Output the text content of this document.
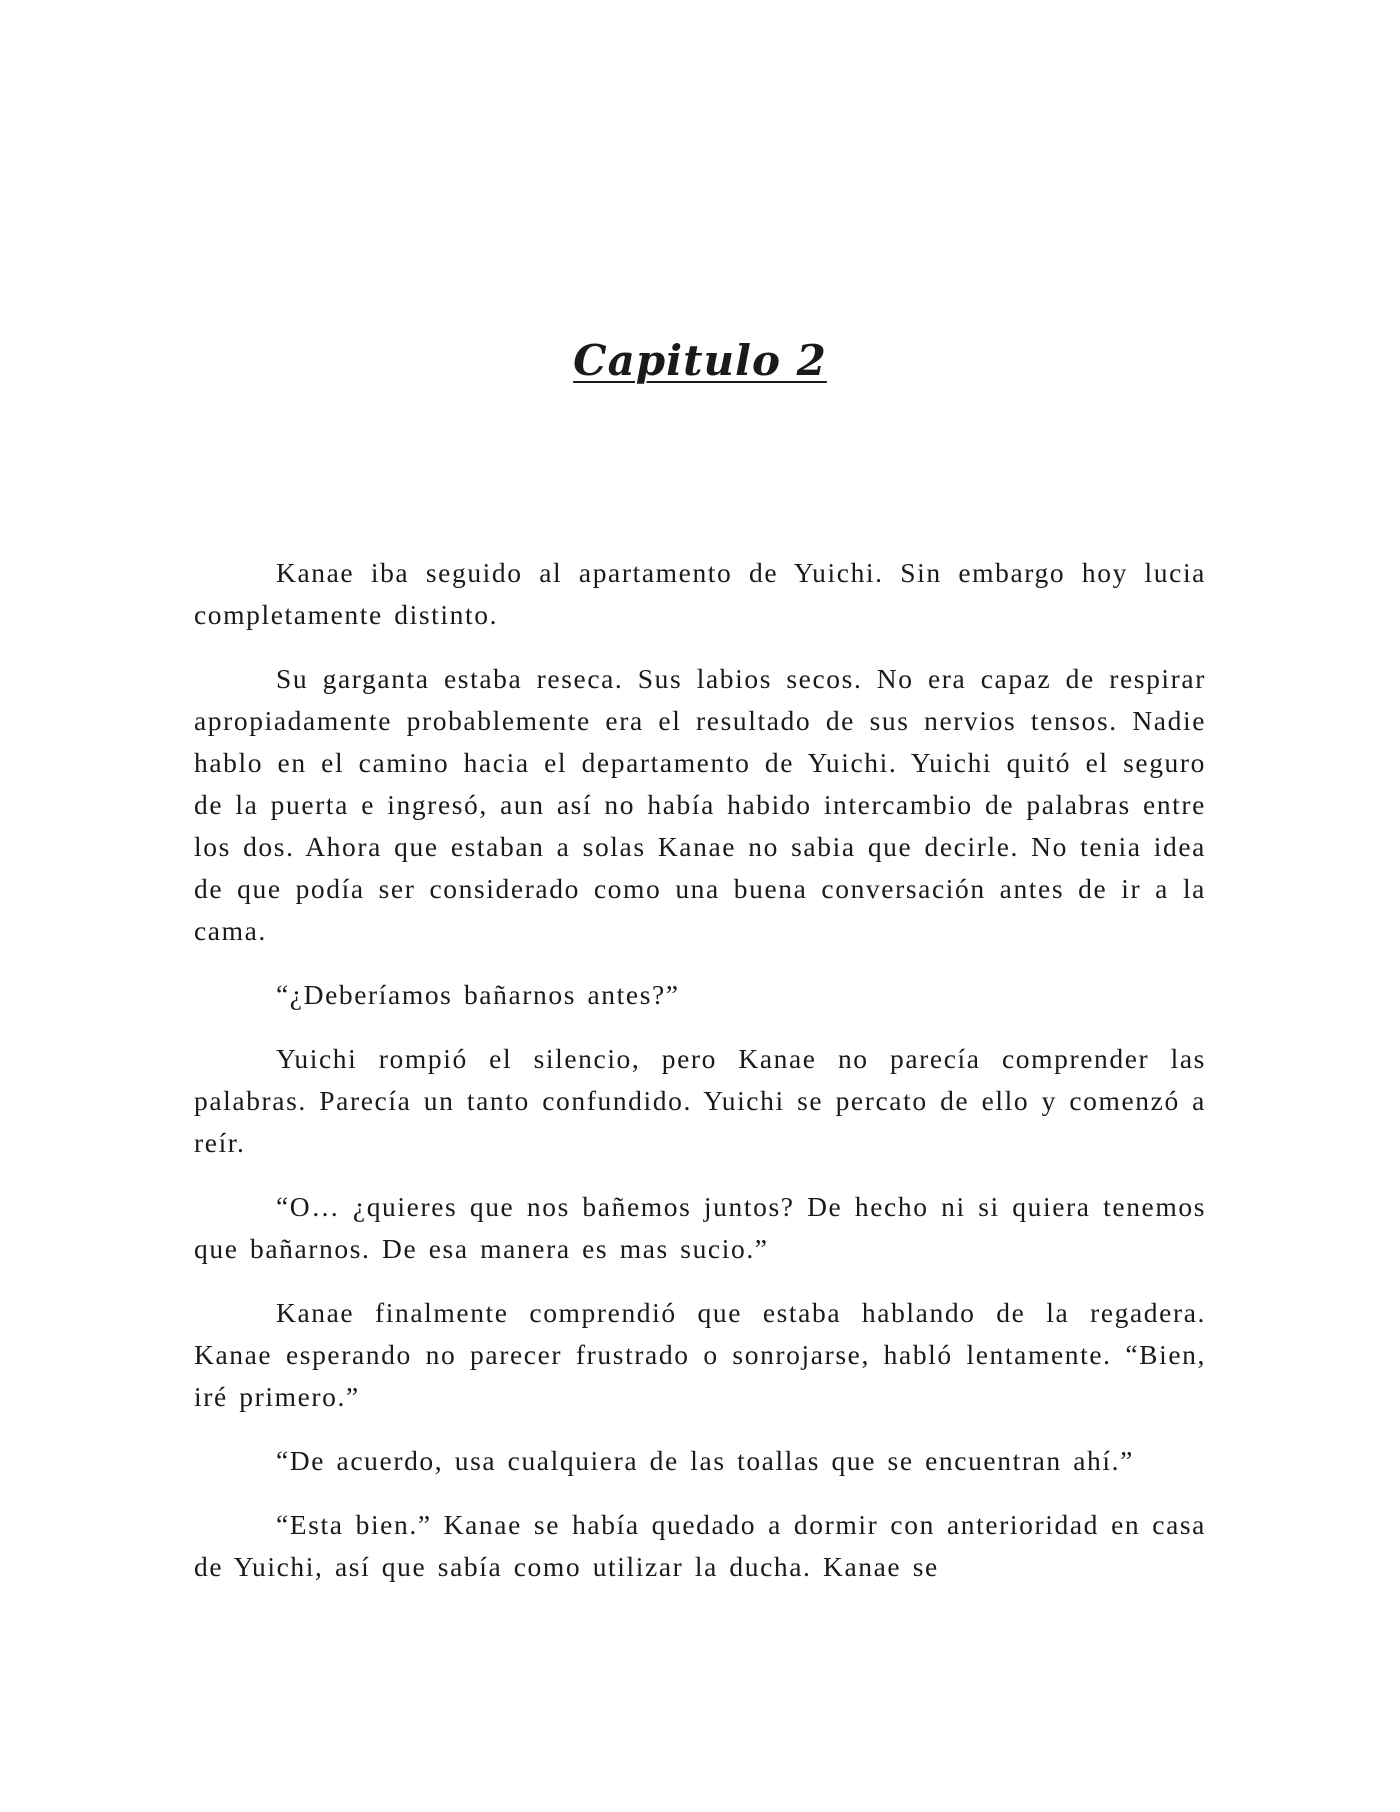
Capitulo 2

Kanae iba seguido al apartamento de Yuichi. Sin embargo hoy lucia completamente distinto.

Su garganta estaba reseca. Sus labios secos. No era capaz de respirar apropiadamente probablemente era el resultado de sus nervios tensos. Nadie hablo en el camino hacia el departamento de Yuichi. Yuichi quitó el seguro de la puerta e ingresó, aun así no había habido intercambio de palabras entre los dos. Ahora que estaban a solas Kanae no sabia que decirle. No tenia idea de que podía ser considerado como una buena conversación antes de ir a la cama.

“¿Deberíamos bañarnos antes?”

Yuichi rompió el silencio, pero Kanae no parecía comprender las palabras. Parecía un tanto confundido. Yuichi se percato de ello y comenzó a reír.

“O… ¿quieres que nos bañemos juntos? De hecho ni si quiera tenemos que bañarnos. De esa manera es mas sucio.”

Kanae finalmente comprendió que estaba hablando de la regadera. Kanae esperando no parecer frustrado o sonrojarse, habló lentamente. “Bien, iré primero.”

“De acuerdo, usa cualquiera de las toallas que se encuentran ahí.”

“Esta bien.” Kanae se había quedado a dormir con anterioridad en casa de Yuichi, así que sabía como utilizar la ducha. Kanae se
